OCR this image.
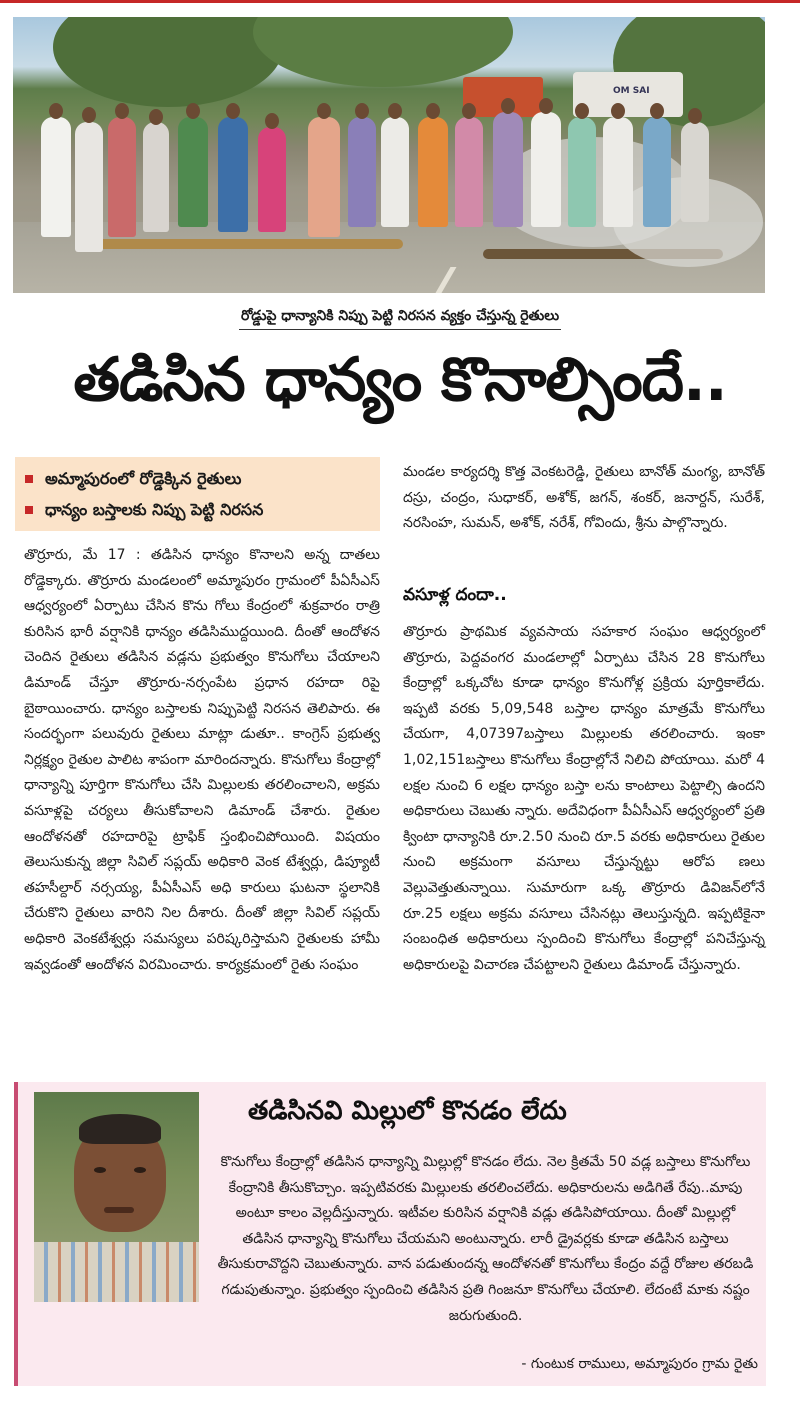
OM SAI
రోడ్డుపై ధాన్యానికి నిప్పు పెట్టి నిరసన వ్యక్తం చేస్తున్న రైతులు
తడిసిన ధాన్యం కొనాల్సిందే..
అమ్మాపురంలో రోడ్డెక్కిన రైతులు
ధాన్యం బస్తాలకు నిప్పు పెట్టి నిరసన

తొర్రూరు, మే 17 : తడిసిన ధాన్యం కొనాలని అన్న దాతలు రోడ్డెక్కారు. తొర్రూరు మండలంలో అమ్మాపురం గ్రామంలో పీఏసీఎస్ ఆధ్వర్యంలో ఏర్పాటు చేసిన కొను గోలు కేంద్రంలో శుక్రవారం రాత్రి కురిసిన భారీ వర్షానికి ధాన్యం తడిసిముద్దయింది. దీంతో ఆందోళన చెందిన రైతులు తడిసిన వడ్లను ప్రభుత్వం కొనుగోలు చేయాలని డిమాండ్ చేస్తూ తొర్రూరు-నర్సంపేట ప్రధాన రహదా రిపై బైఠాయించారు. ధాన్యం బస్తాలకు నిప్పుపెట్టి నిరసన తెలిపారు. ఈ సందర్భంగా పలువురు రైతులు మాట్లా డుతూ.. కాంగ్రెస్ ప్రభుత్వ నిర్లక్ష్యం రైతుల పాలిట శాపంగా మారిందన్నారు. కొనుగోలు కేంద్రాల్లో ధాన్యాన్ని పూర్తిగా కొనుగోలు చేసి మిల్లులకు తరలించాలని, అక్రమ వసూళ్లపై చర్యలు తీసుకోవాలని డిమాండ్ చేశారు. రైతుల ఆందోళనతో రహదారిపై ట్రాఫిక్ స్తంభించిపోయింది. విషయం తెలుసుకున్న జిల్లా సివిల్ సప్లయ్ అధికారి వెంక టేశ్వర్లు, డిప్యూటీ తహసీల్దార్ నర్సయ్య, పీఏసీఎస్ అధి కారులు ఘటనా స్థలానికి చేరుకొని రైతులు వారిని నిల దీశారు. దీంతో జిల్లా సివిల్ సప్లయ్ అధికారి వెంకటేశ్వర్లు సమస్యలు పరిష్కరిస్తామని రైతులకు హామీ ఇవ్వడంతో ఆందోళన విరమించారు. కార్యక్రమంలో రైతు సంఘం

మండల కార్యదర్శి కొత్త వెంకటరెడ్డి, రైతులు బానోత్ మంగ్య, బానోత్ దస్రు, చంద్రం, సుధాకర్, అశోక్, జగన్, శంకర్, జనార్దన్, సురేశ్, నరసింహ, సుమన్, అశోక్, నరేశ్, గోవిందు, శ్రీను పాల్గొన్నారు.

వసూళ్ల దందా..

తొర్రూరు ప్రాథమిక వ్యవసాయ సహకార సంఘం ఆధ్వర్యంలో తొర్రూరు, పెద్దవంగర మండలాల్లో ఏర్పాటు చేసిన 28 కొనుగోలు కేంద్రాల్లో ఒక్కచోట కూడా ధాన్యం కొనుగోళ్ల ప్రక్రియ పూర్తికాలేదు. ఇప్పటి వరకు 5,09,548 బస్తాల ధాన్యం మాత్రమే కొనుగోలు చేయగా, 4,07397బస్తాలు మిల్లులకు తరలించారు. ఇంకా 1,02,151బస్తాలు కొనుగోలు కేంద్రాల్లోనే నిలిచి పోయాయి. మరో 4 లక్షల నుంచి 6 లక్షల ధాన్యం బస్తా లను కాంటాలు పెట్టాల్సి ఉందని అధికారులు చెబుతు న్నారు. అదేవిధంగా పీఏసీఎస్ ఆధ్వర్యంలో ప్రతి క్వింటా ధాన్యానికి రూ.2.50 నుంచి రూ.5 వరకు అధికారులు రైతుల నుంచి అక్రమంగా వసూలు చేస్తున్నట్టు ఆరోప ణలు వెల్లువెత్తుతున్నాయి. సుమారుగా ఒక్క తొర్రూరు డివిజన్‌లోనే రూ.25 లక్షలు అక్రమ వసూలు చేసినట్లు తెలుస్తున్నది. ఇప్పటికైనా సంబంధిత అధికారులు స్పందించి కొనుగోలు కేంద్రాల్లో పనిచేస్తున్న అధికారులపై విచారణ చేపట్టాలని రైతులు డిమాండ్ చేస్తున్నారు.

తడిసినవి మిల్లులో కొనడం లేదు
కొనుగోలు కేంద్రాల్లో తడిసిన ధాన్యాన్ని మిల్లుల్లో కొనడం లేదు. నెల క్రితమే 50 వడ్ల బస్తాలు కొనుగోలు కేంద్రానికి తీసుకొచ్చాం. ఇప్పటివరకు మిల్లులకు తరలించలేదు. అధికారులను అడిగితే రేపు..మాపు అంటూ కాలం వెల్లదీస్తున్నారు. ఇటీవల కురిసిన వర్షానికి వడ్లు తడిసిపోయాయి. దీంతో మిల్లుల్లో తడిసిన ధాన్యాన్ని కొనుగోలు చేయమని అంటున్నారు. లారీ డ్రైవర్లకు కూడా తడిసిన బస్తాలు తీసుకురావొద్దని చెబుతున్నారు. వాన పడుతుందన్న ఆందోళనతో కొనుగోలు కేంద్రం వద్దే రోజుల తరబడి గడుపుతున్నాం. ప్రభుత్వం స్పందించి తడిసిన ప్రతి గింజనూ కొనుగోలు చేయాలి. లేదంటే మాకు నష్టం జరుగుతుంది.
- గుంటుక రాములు, అమ్మాపురం గ్రామ రైతు
